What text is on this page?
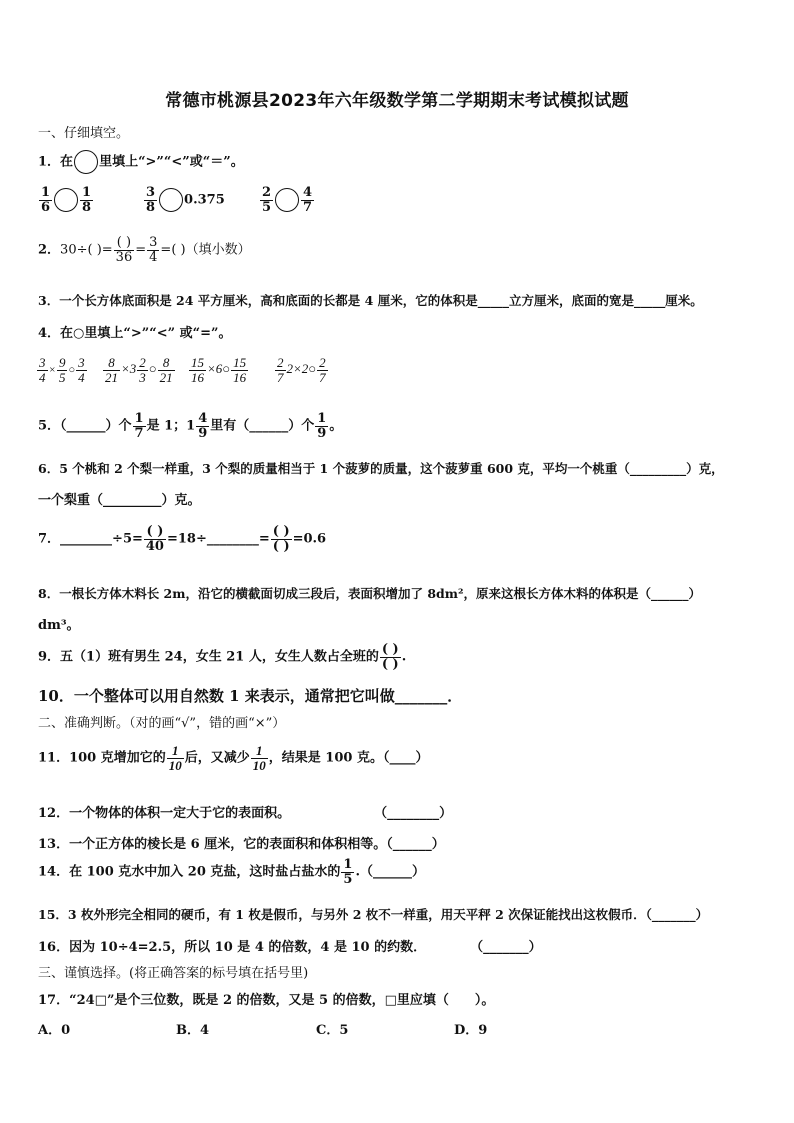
常德市桃源县2023年六年级数学第二学期期末考试模拟试题
一、仔细填空。
1．在 里填上“>”“<”或“＝”。
$\frac{1}{6} \frac{1}{8}$	$\frac{3}{8} 0.375$	$\frac{2}{5} \frac{4}{7}$
2．30÷( )= $\frac{( )}{36} = \frac{3}{4}$ =( )（填小数）
3．一个长方体底面积是 24 平方厘米，高和底面的长都是 4 厘米，它的体积是_____立方厘米，底面的宽是_____厘米。
4．在○里填上“>”“<” 或“=”。
$\frac{3}{4} \times \frac{9}{5}$ ○ $\frac{3}{4} \frac{8}{21} \times 3 \frac{2}{3}$ ○ $\frac{8}{21} \frac{15}{16}$ ×6○ $\frac{15}{16} \frac{2}{7}$ 2×2○ $\frac{2}{7}$
5．（______）个 $\frac{1}{7}$ 是 1；$1 \frac{4}{9}$ 里有（______）个 $\frac{1}{9}$ 。
6．5 个桃和 2 个梨一样重，3 个梨的质量相当于 1 个菠萝的质量，这个菠萝重 600 克，平均一个桃重（_________）克，
一个梨重（_________）克。
7．________÷5= $\frac{( )}{40}$ =18÷________= $\frac{( )}{( )} =0.6$
8．一根长方体木料长 2m，沿它的横截面切成三段后，表面积增加了 8dm²，原来这根长方体木料的体积是（______）
dm³。
9．五（1）班有男生 24，女生 21 人，女生人数占全班的 $\frac{( )}{( )}$ .
10．一个整体可以用自然数 1 来表示，通常把它叫做_______．
二、准确判断。（对的画“√”，错的画“×”）
11．100 克增加它的 $\frac{1}{10}$ 后，又减少 $\frac{1}{10}$ ，结果是 100 克。（____）
12．一个物体的体积一定大于它的表面积。	（________）
13．一个正方体的棱长是 6 厘米，它的表面积和体积相等。（______）
14．在 100 克水中加入 20 克盐，这时盐占盐水的 $\frac{1}{5}$ .（______）
15．3 枚外形完全相同的硬币，有 1 枚是假币，与另外 2 枚不一样重，用天平秤 2 次保证能找出这枚假币．（_______）
16．因为 10÷4=2.5，所以 10 是 4 的倍数，4 是 10 的约数．	（_______）
三、谨慎选择。(将正确答案的标号填在括号里)
17．“24□”是个三位数，既是 2 的倍数，又是 5 的倍数，□里应填（　　）。
A．0	B．4	C．5	D．9
